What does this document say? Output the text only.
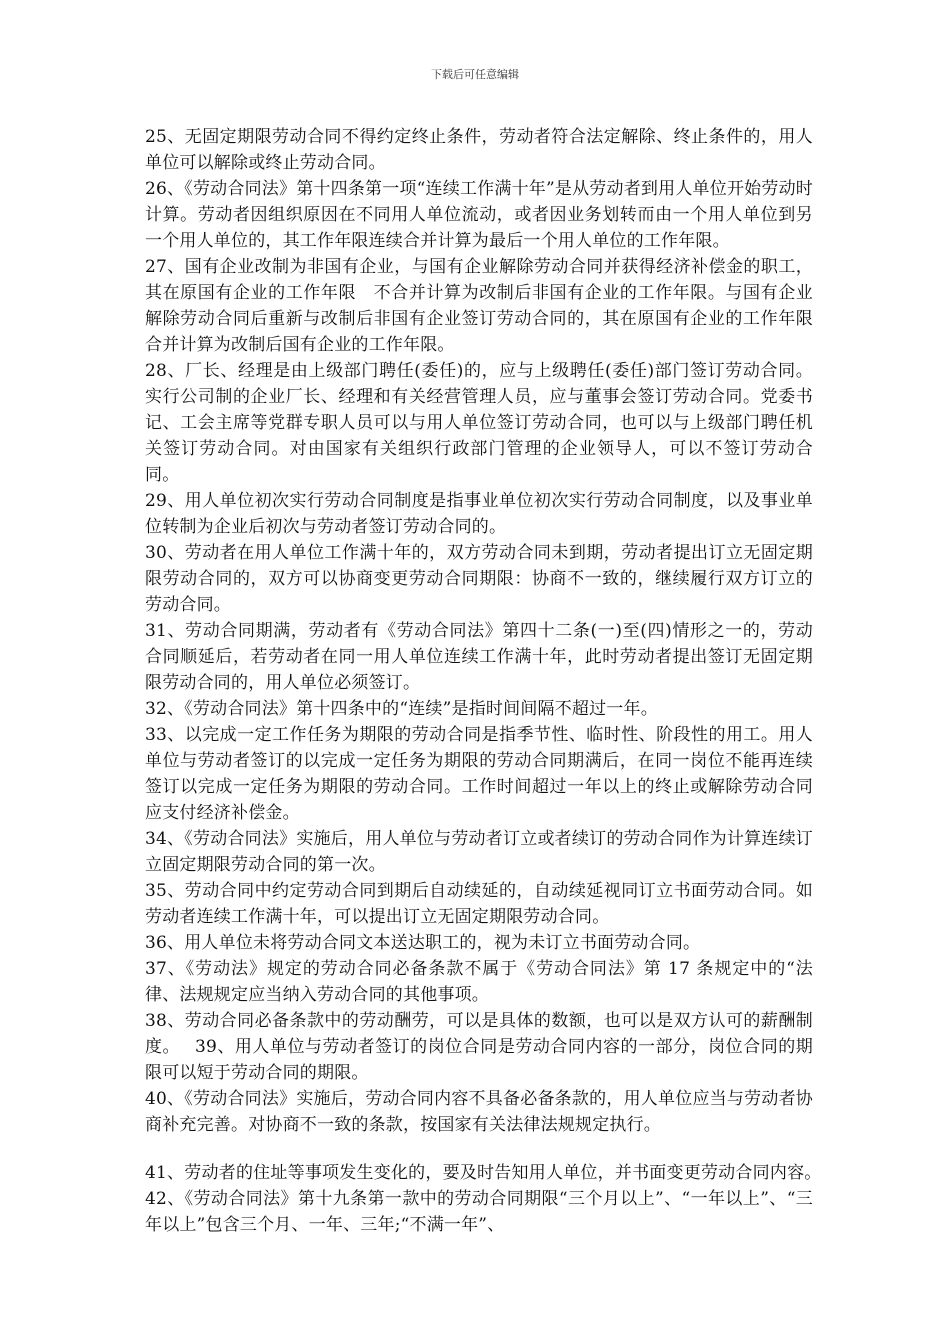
下载后可任意编辑

25、无固定期限劳动合同不得约定终止条件，劳动者符合法定解除、终止条件的，用人单位可以解除或终止劳动合同。

26、《劳动合同法》第十四条第一项“连续工作满十年”是从劳动者到用人单位开始劳动时计算。劳动者因组织原因在不同用人单位流动，或者因业务划转而由一个用人单位到另一个用人单位的，其工作年限连续合并计算为最后一个用人单位的工作年限。

27、国有企业改制为非国有企业，与国有企业解除劳动合同并获得经济补偿金的职工，其在原国有企业的工作年限　不合并计算为改制后非国有企业的工作年限。与国有企业解除劳动合同后重新与改制后非国有企业签订劳动合同的，其在原国有企业的工作年限合并计算为改制后国有企业的工作年限。

28、厂长、经理是由上级部门聘任(委任)的，应与上级聘任(委任)部门签订劳动合同。实行公司制的企业厂长、经理和有关经营管理人员，应与董事会签订劳动合同。党委书记、工会主席等党群专职人员可以与用人单位签订劳动合同，也可以与上级部门聘任机关签订劳动合同。对由国家有关组织行政部门管理的企业领导人，可以不签订劳动合同。

29、用人单位初次实行劳动合同制度是指事业单位初次实行劳动合同制度，以及事业单位转制为企业后初次与劳动者签订劳动合同的。

30、劳动者在用人单位工作满十年的，双方劳动合同未到期，劳动者提出订立无固定期限劳动合同的，双方可以协商变更劳动合同期限：协商不一致的，继续履行双方订立的劳动合同。

31、劳动合同期满，劳动者有《劳动合同法》第四十二条(一)至(四)情形之一的，劳动合同顺延后，若劳动者在同一用人单位连续工作满十年，此时劳动者提出签订无固定期限劳动合同的，用人单位必须签订。

32、《劳动合同法》第十四条中的“连续”是指时间间隔不超过一年。

33、以完成一定工作任务为期限的劳动合同是指季节性、临时性、阶段性的用工。用人单位与劳动者签订的以完成一定任务为期限的劳动合同期满后，在同一岗位不能再连续签订以完成一定任务为期限的劳动合同。工作时间超过一年以上的终止或解除劳动合同应支付经济补偿金。

34、《劳动合同法》实施后，用人单位与劳动者订立或者续订的劳动合同作为计算连续订立固定期限劳动合同的第一次。

35、劳动合同中约定劳动合同到期后自动续延的，自动续延视同订立书面劳动合同。如劳动者连续工作满十年，可以提出订立无固定期限劳动合同。

36、用人单位未将劳动合同文本送达职工的，视为未订立书面劳动合同。

37、《劳动法》规定的劳动合同必备条款不属于《劳动合同法》第 17 条规定中的“法律、法规规定应当纳入劳动合同的其他事项。

38、劳动合同必备条款中的劳动酬劳，可以是具体的数额，也可以是双方认可的薪酬制度。　 39、用人单位与劳动者签订的岗位合同是劳动合同内容的一部分，岗位合同的期限可以短于劳动合同的期限。

40、《劳动合同法》实施后，劳动合同内容不具备必备条款的，用人单位应当与劳动者协商补充完善。对协商不一致的条款，按国家有关法律法规规定执行。

41、劳动者的住址等事项发生变化的，要及时告知用人单位，并书面变更劳动合同内容。　42、《劳动合同法》第十九条第一款中的劳动合同期限“三个月以上”、“一年以上”、“三年以上”包含三个月、一年、三年;“不满一年”、
